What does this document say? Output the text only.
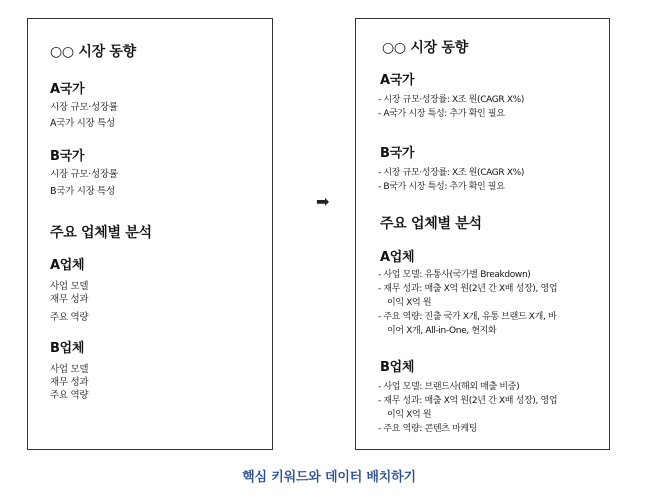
○○ 시장 동향
A국가
시장 규모·성장률
A국가 시장 특성
B국가
시장 규모·성장률
B국가 시장 특성
주요 업체별 분석
A업체
사업 모델
재무 성과
주요 역량
B업체
사업 모델
재무 성과
주요 역량
➡
○○ 시장 동향
A국가
- 시장 규모·성장률: X조 원(CAGR X%)
- A국가 시장 특성: 추가 확인 필요
B국가
- 시장 규모·성장률: X조 원(CAGR X%)
- B국가 시장 특성: 추가 확인 필요
주요 업체별 분석
A업체
- 사업 모델: 유통사(국가별 Breakdown)
- 재무 성과: 매출 X억 원(2년 간 X배 성장), 영업
이익 X억 원
- 주요 역량: 진출 국가 X개, 유통 브랜드 X개, 바
이어 X개, All-in-One, 현지화
B업체
- 사업 모델: 브랜드사(해외 매출 비중)
- 재무 성과: 매출 X억 원(2년 간 X배 성장), 영업
이익 X억 원
- 주요 역량: 콘텐츠 마케팅
핵심 키워드와 데이터 배치하기
